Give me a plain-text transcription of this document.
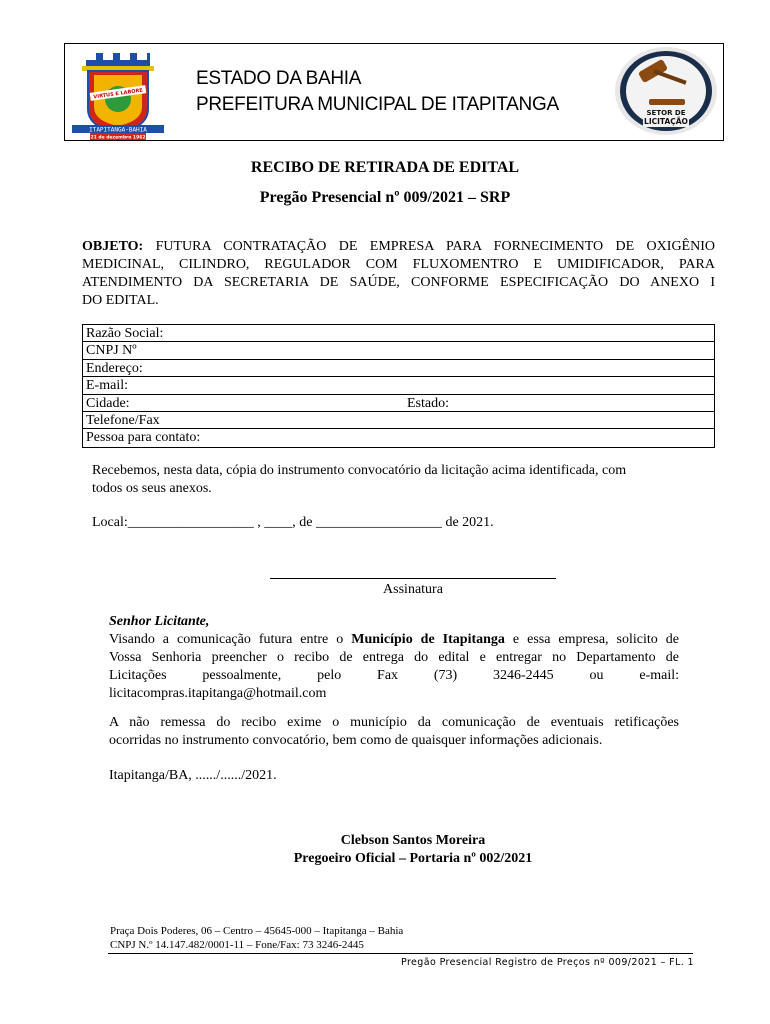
VIRTUS E LABORE
ITAPITANGA-BAHIA
21 de dezembro 1962
ESTADO DA BAHIA
PREFEITURA MUNICIPAL DE ITAPITANGA	SETOR DE
LICITAÇÃO
RECIBO DE RETIRADA DE EDITAL
Pregão Presencial nº 009/2021 – SRP
OBJETO: FUTURA CONTRATAÇÃO DE EMPRESA PARA FORNECIMENTO DE OXIGÊNIO
MEDICINAL, CILINDRO, REGULADOR COM FLUXOMENTRO E UMIDIFICADOR, PARA
ATENDIMENTO DA SECRETARIA DE SAÚDE, CONFORME ESPECIFICAÇÃO DO ANEXO I
DO EDITAL.
Razão Social:
CNPJ Nº
Endereço:
E-mail:
Cidade:	Estado:
Telefone/Fax
Pessoa para contato:
Recebemos, nesta data, cópia do instrumento convocatório da licitação acima identificada, com
todos os seus anexos.
Local:__________________ , ____, de __________________ de 2021.
Assinatura
Senhor Licitante,
Visando a comunicação futura entre o Município de Itapitanga e essa empresa, solicito de
Vossa Senhoria preencher o recibo de entrega do edital e entregar no Departamento de
Licitações pessoalmente, pelo Fax (73) 3246-2445 ou e-mail:
licitacompras.itapitanga@hotmail.com
A não remessa do recibo exime o município da comunicação de eventuais retificações
ocorridas no instrumento convocatório, bem como de quaisquer informações adicionais.
Itapitanga/BA, ....../....../2021.
Clebson Santos Moreira
Pregoeiro Oficial – Portaria nº 002/2021
Praça Dois Poderes, 06 – Centro – 45645-000 – Itapitanga – Bahia
CNPJ N.º 14.147.482/0001-11 – Fone/Fax: 73 3246-2445
Pregão Presencial Registro de Preços nº 009/2021 – FL. 1
